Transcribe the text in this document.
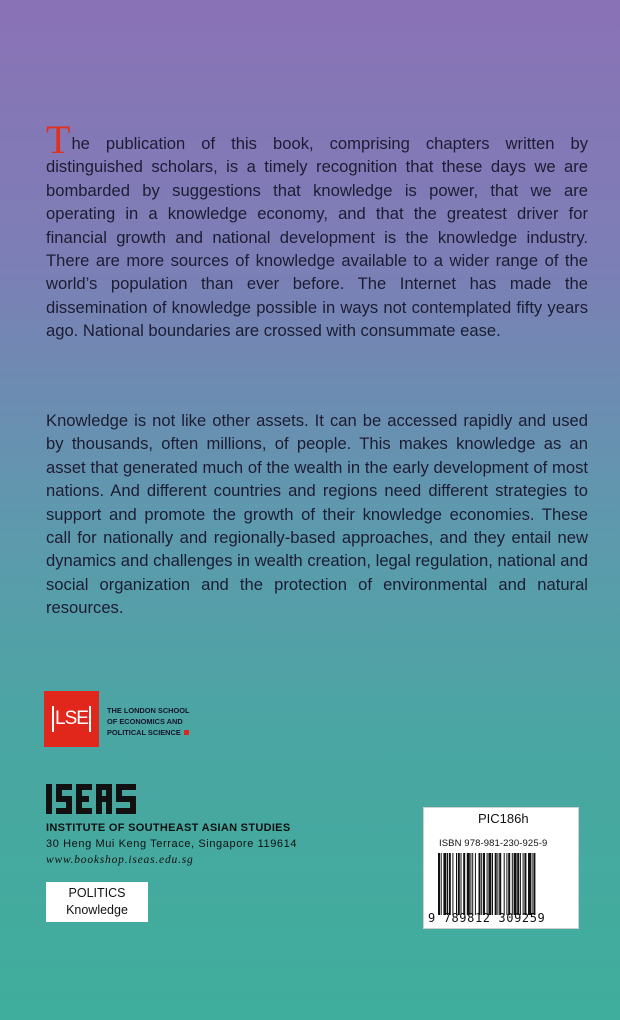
The publication of this book, comprising chapters written by distinguished scholars, is a timely recognition that these days we are bombarded by suggestions that knowledge is power, that we are operating in a knowledge economy, and that the greatest driver for financial growth and national development is the knowledge industry. There are more sources of knowledge available to a wider range of the world’s population than ever before. The Internet has made the dissemination of knowledge possible in ways not contemplated fifty years ago. National boundaries are crossed with consummate ease.

Knowledge is not like other assets. It can be accessed rapidly and used by thousands, often millions, of people. This makes knowledge as an asset that generated much of the wealth in the early development of most nations. And different countries and regions need different strategies to support and promote the growth of their knowledge economies. These call for nationally and regionally-based approaches, and they entail new dynamics and challenges in wealth creation, legal regulation, national and social organization and the protection of environmental and natural resources.

LSE	THE LONDON SCHOOL
OF ECONOMICS AND
POLITICAL SCIENCE
INSTITUTE OF SOUTHEAST ASIAN STUDIES
30 Heng Mui Keng Terrace, Singapore 119614
www.bookshop.iseas.edu.sg
POLITICS
Knowledge
PIC186h
ISBN 978-981-230-925-9
9 789812 309259
